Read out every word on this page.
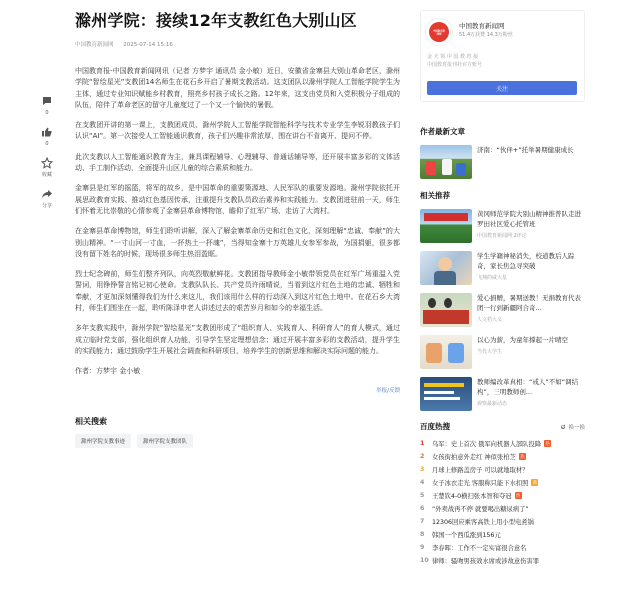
0
0
收藏
分享
滁州学院：接续12年支教红色大别山区
中国教育新闻网 2025-07-14 15:16

中国教育报-中国教育新闻网讯（记者 方梦宇 通讯员 金小敏）近日，安徽省金寨县大别山革命老区，滁州学院“智绘星光”支教团14名师生在花石乡开启了暑期支教活动。这支团队以滁州学院人工智能学院学生为主体，通过专业知识赋能乡村教育，照亮乡村孩子成长之路。12年来，这支由党员和入党积极分子组成的队伍，陪伴了革命老区的留守儿童度过了一个又一个愉快的暑假。

在支教团开讲的第一课上，支教团成员、滁州学院人工智能学院智能科学与技术专业学生李锐羽教孩子们认识“AI”。第一次接受人工智能通识教育，孩子们兴趣非常浓厚，围在讲台不肯离开、提问不停。

此次支教以人工智能通识教育为主，兼具课程辅导、心理辅导、普通话辅导等，还开展丰富多彩的文体活动、手工制作活动，全面提升山区儿童的综合素质和能力。

金寨县是红军的摇篮，将军的故乡，是中国革命的重要策源地、人民军队的重要发源地。滁州学院依托开展思政教育实践、推动红色基因传承，注重提升支教队员政治素养和实践能力。支教团进驻前一天，师生们怀着无比崇敬的心情参观了金寨县革命博物馆，瞻仰了红军广场、走访了大湾村。

在金寨县革命博物馆，师生们聆听讲解，深入了解金寨革命历史和红色文化，深刻理解“忠诚、奉献”的大别山精神。“一寸山河一寸血，一抔热土一抔魂”，当得知金寨十万英雄儿女参军参战，为国捐躯，很多都没有留下姓名的时候，现场很多师生热泪盈眶。

烈士纪念碑前，师生们整齐列队，向英烈敬献鲜花。支教团指导教师金小敏带领党员在红军广场重温入党誓词，用铮铮誓言铭记初心使命。支教队队长、共产党员许雨晴说，当看到这片红色土地的忠诚、牺牲和奉献，才更加深刻懂得我们为什么来这儿，我们该用什么样的行动深入到这片红色土地中。在花石乡大湾村，师生们围坐在一起，聆听陈泽申老人讲述过去的艰苦岁月和如今的幸福生活。

多年支教实践中，滁州学院“智绘星光”支教团形成了“组织育人、实践育人、科研育人”的育人模式，通过成立临时党支部，强化组织育人功能，引导学生坚定理想信念；通过开展丰富多彩的支教活动，提升学生的实践能力；通过鼓励学生开展社会调查和科研项目，培养学生的创新思维和解决实际问题的能力。

作者：方梦宇 金小敏

举报/反馈
相关搜索
滁州学院支教事迹	滁州学院支教团队
中国教育新闻网
中国教育新闻网
51.4万获赞 14.3万粉丝
金 天 领 中 国 教 育 报
中国教育报刊社官方账号
关注
作者最新文章
济南：“伙伴+”托举暑期健康成长
相关推荐
黄冈师范学院大别山精神推普队走进罗田社区爱心托管班
中国教育新闻网 2评论
学生学籍神秘消失，校道教后人踪奇，家长焦急寻突破
飞翔的咸大星
爱心捐赠，暑期送教！无捐教育代表团一行到新疆阿合奇...
人文档大义
以心为薪，为童年撑起一片晴空
当代大学生
教师编改革真相：“戒人”不如“调结构”，三明教师创...
观察最新动态
百度热搜	换一换
1	乌军：史上首次 俄军向机器人部队投降 热
2	女孩街拍意外走红 神似张柏芝 热
3	月球上修路盖房子 可以就地取材？
4	女子冰衣走光 客服称只能下水扣照 新
5	王楚钦4-0横扫张本智和夺冠 热
6	“外卖战再不停 就要喝出糖尿病了”
7	12306回应乘客高铁上用小型电煮锅
8	韩国一个西瓜涨到156元
9	李春晖：工作不一定实富很合意名
10 律师：骚吻男孩效水席或涉故意伤害罪
